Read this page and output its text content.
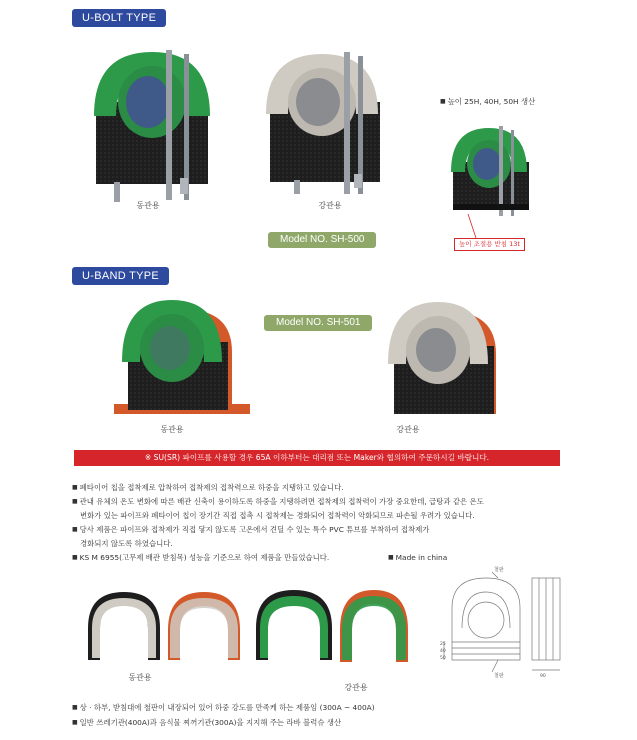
U-BOLT TYPE
동관용	강관용
■ 높이 25H, 40H, 50H 생산
높이 조절용 받침 13t
Model NO. SH-500
U-BAND TYPE
동관용
Model NO. SH-501
강관용
※ SU(SR) 파이프를 사용할 경우 65A 이하부터는 대리점 또는 Maker와 협의하여 주문하시길 바랍니다.
■ 폐타이어 칩을 접착제로 압착하여 접착제의 접착력으로 하중을 지탱하고 있습니다.
■ 관내 유체의 온도 변화에 따른 배관 신축이 용이하도록 하중을 지탱하려면 접착제의 접착력이 가장 중요한데, 급탕과 같은 온도
변화가 있는 파이프와 폐타이어 칩이 장기간 직접 접촉 시 접착제는 경화되어 접착력이 악화되므로 파손될 우려가 있습니다.
■ 당사 제품은 파이프와 접착제가 직접 닿지 않도록 고온에서 견딜 수 있는 특수 PVC 튜브를 부착하여 접착제가
경화되지 않도록 하였습니다.
■ KS M 6955(고무제 배관 받침목) 성능을 기준으로 하여 제품을 만들었습니다.
■	Made in china
동관용
강관용
철판
철판
25
40
50
90
■ 상 · 하부, 받침대에 철판이 내장되어 있어 하중 강도를 만족케 하는 제품임 (300A ~ 400A)
■ 일반 쓰레기관(400A)과 음식물 찌꺼기관(300A)을 지지해 주는 라바 블럭슈 생산
